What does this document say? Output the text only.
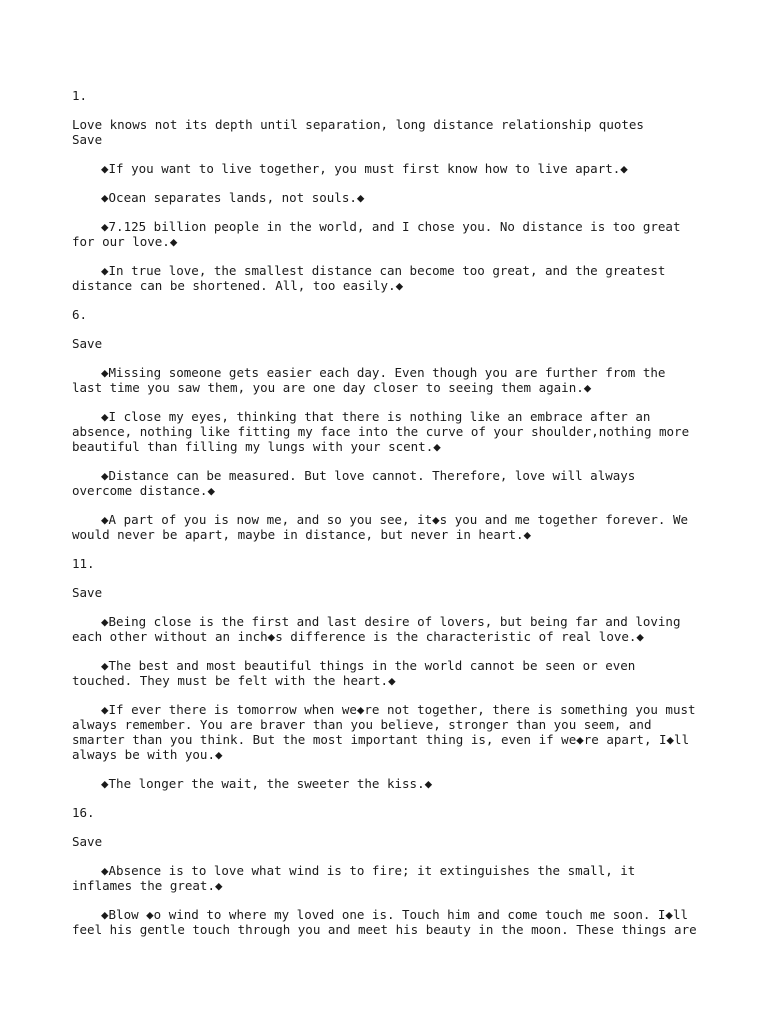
1.
Love knows not its depth until separation, long distance relationship quotes
Save
◆If you want to live together, you must first know how to live apart.◆
◆Ocean separates lands, not souls.◆
◆7.125 billion people in the world, and I chose you. No distance is too great for our love.◆
◆In true love, the smallest distance can become too great, and the greatest distance can be shortened. All, too easily.◆
6.
Save
◆Missing someone gets easier each day. Even though you are further from the last time you saw them, you are one day closer to seeing them again.◆
◆I close my eyes, thinking that there is nothing like an embrace after an absence, nothing like fitting my face into the curve of your shoulder,nothing more beautiful than filling my lungs with your scent.◆
◆Distance can be measured. But love cannot. Therefore, love will always overcome distance.◆
◆A part of you is now me, and so you see, it◆s you and me together forever. We would never be apart, maybe in distance, but never in heart.◆
11.
Save
◆Being close is the first and last desire of lovers, but being far and loving each other without an inch◆s difference is the characteristic of real love.◆
◆The best and most beautiful things in the world cannot be seen or even touched. They must be felt with the heart.◆
◆If ever there is tomorrow when we◆re not together, there is something you must always remember. You are braver than you believe, stronger than you seem, and smarter than you think. But the most important thing is, even if we◆re apart, I◆ll always be with you.◆
◆The longer the wait, the sweeter the kiss.◆
16.
Save
◆Absence is to love what wind is to fire; it extinguishes the small, it inflames the great.◆
◆Blow ◆o wind to where my loved one is. Touch him and come touch me soon. I◆ll feel his gentle touch through you and meet his beauty in the moon. These things are
